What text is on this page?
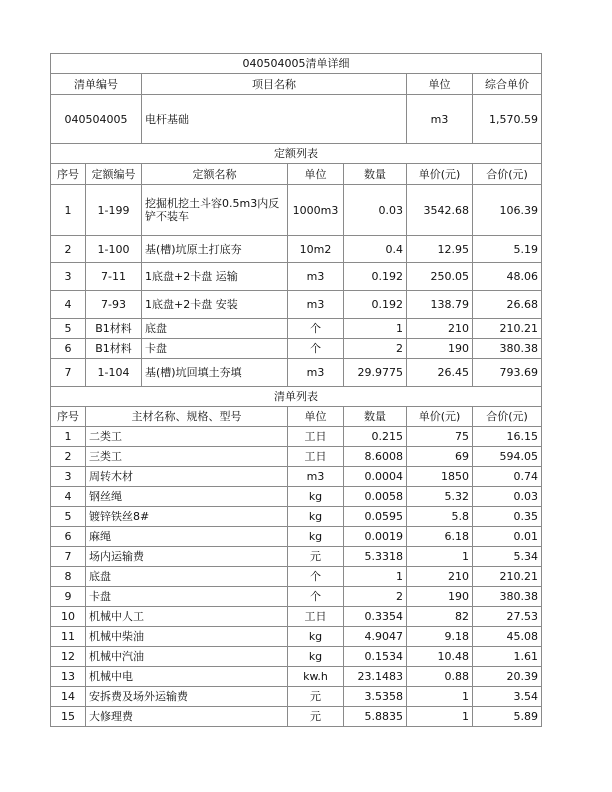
040504005清单详细						
清单编号		项目名称			单位	综合单价
040504005		电杆基础			m3	1,570.59
定额列表						
序号	定额编号	定额名称	单位	数量	单价(元)	合价(元)
1	1-199	挖掘机挖土斗容0.5m3内反铲不装车	1000m3	0.03	3542.68	106.39
2	1-100	基(槽)坑原土打底夯	10m2	0.4	12.95	5.19
3	7-11	1底盘+2卡盘 运输	m3	0.192	250.05	48.06
4	7-93	1底盘+2卡盘 安装	m3	0.192	138.79	26.68
5	B1材料	底盘	个	1	210	210.21
6	B1材料	卡盘	个	2	190	380.38
7	1-104	基(槽)坑回填土夯填	m3	29.9775	26.45	793.69
清单列表						
序号	主材名称、规格、型号		单位	数量	单价(元)	合价(元)
1	二类工		工日	0.215	75	16.15
2	三类工		工日	8.6008	69	594.05
3	周转木材		m3	0.0004	1850	0.74
4	钢丝绳		kg	0.0058	5.32	0.03
5	镀锌铁丝8#		kg	0.0595	5.8	0.35
6	麻绳		kg	0.0019	6.18	0.01
7	场内运输费		元	5.3318	1	5.34
8	底盘		个	1	210	210.21
9	卡盘		个	2	190	380.38
10	机械中人工		工日	0.3354	82	27.53
11	机械中柴油		kg	4.9047	9.18	45.08
12	机械中汽油		kg	0.1534	10.48	1.61
13	机械中电		kw.h	23.1483	0.88	20.39
14	安拆费及场外运输费		元	3.5358	1	3.54
15	大修理费		元	5.8835	1	5.89
